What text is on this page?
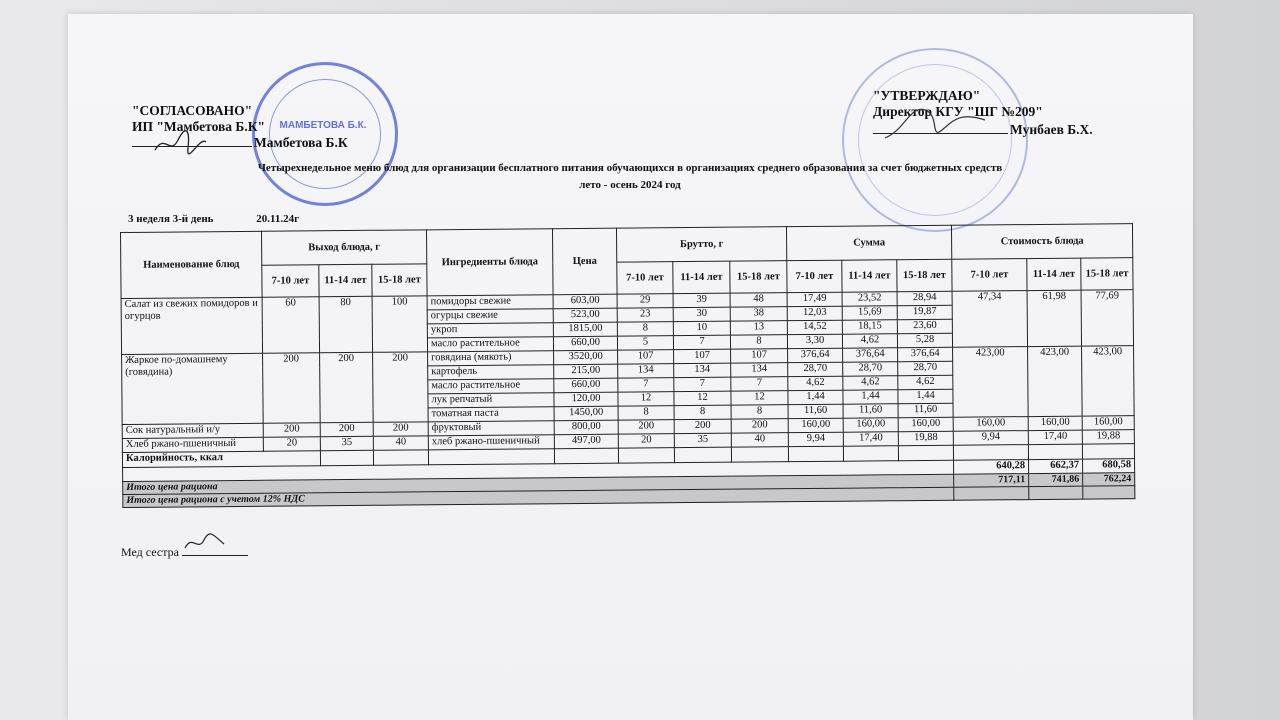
МАМБЕТОВА Б.К.
"СОГЛАСОВАНО"
ИП "Мамбетова Б.К"
Мамбетова Б.К
"УТВЕРЖДАЮ"
Директор КГУ "ШГ №209"
Мунбаев Б.Х.
Четырехнедельное меню блюд для организации бесплатного питания обучающихся в организациях среднего образования за счет бюджетных средств
лето - осень 2024 год
3 неделя 3-й день	20.11.24г
Наименование блюд	Выход блюда, г			Ингредиенты блюда	Цена	Брутто, г			Сумма			Стоимость блюда		
	7-10 лет	11-14 лет	15-18 лет			7-10 лет	11-14 лет	15-18 лет	7-10 лет	11-14 лет	15-18 лет	7-10 лет	11-14 лет	15-18 лет
Салат из свежих помидоров и огурцов	60	80	100	помидоры свежие	603,00	29	39	48	17,49	23,52	28,94	47,34	61,98	77,69
				огурцы свежие	523,00	23	30	38	12,03	15,69	19,87			
				укроп	1815,00	8	10	13	14,52	18,15	23,60			
				масло растительное	660,00	5	7	8	3,30	4,62	5,28			
Жаркое по-домашнему (говядина)	200	200	200	говядина (мякоть)	3520,00	107	107	107	376,64	376,64	376,64	423,00	423,00	423,00
				картофель	215,00	134	134	134	28,70	28,70	28,70			
				масло растительное	660,00	7	7	7	4,62	4,62	4,62			
				лук репчатый	120,00	12	12	12	1,44	1,44	1,44			
				томатная паста	1450,00	8	8	8	11,60	11,60	11,60			
Сок натуральный и/у	200	200	200	фруктовый	800,00	200	200	200	160,00	160,00	160,00	160,00	160,00	160,00
Хлеб ржано-пшеничный	20	35	40	хлеб ржано-пшеничный	497,00	20	35	40	9,94	17,40	19,88	9,94	17,40	19,88
Калорийность, ккал														
												640,28	662,37	680,58
Итого цена рациона												717,11	741,86	762,24
Итого цена рациона с учетом 12% НДС														
Мед сестра
